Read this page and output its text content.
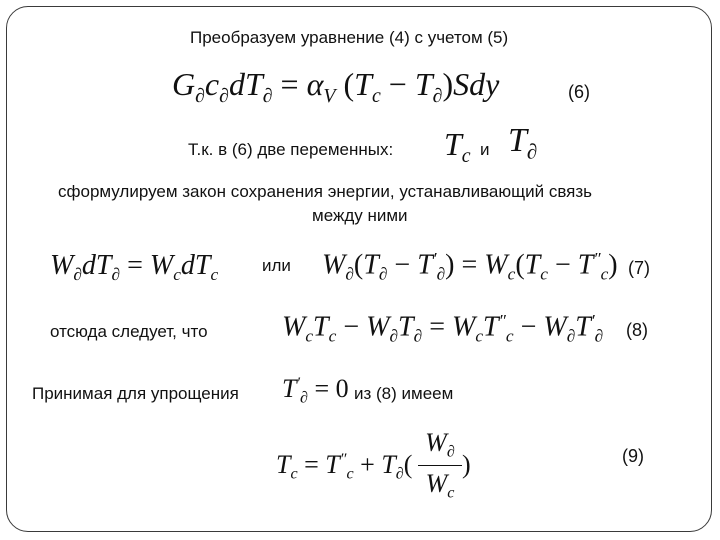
Преобразуем уравнение (4) с учетом (5)
$G_\partial c_\partial dT_\partial = \alpha_V$ $(T_c - T_\partial)Sdy$	(6)
Т.к. в (6) две переменных: $T_c$ и $T_\partial$
сформулируем закон сохранения энергии, устанавливающий связь
между ними
$W_\partial dT_\partial = W_cdT_c$	или $W_\partial(T_\partial - T'_\partial) = W_c(T_c - T''_c)$ (7)
отсюда следует, что	$W_cT_c - W_\partial T_\partial = W_cT''_c - W_\partial T'_\partial$ (8)
Принимая для упрощения $T'_\partial = 0$ из (8) имеем
(9)
$T_c = T''_c + T_\partial$(
$W_\partial$
$W_c$
)
